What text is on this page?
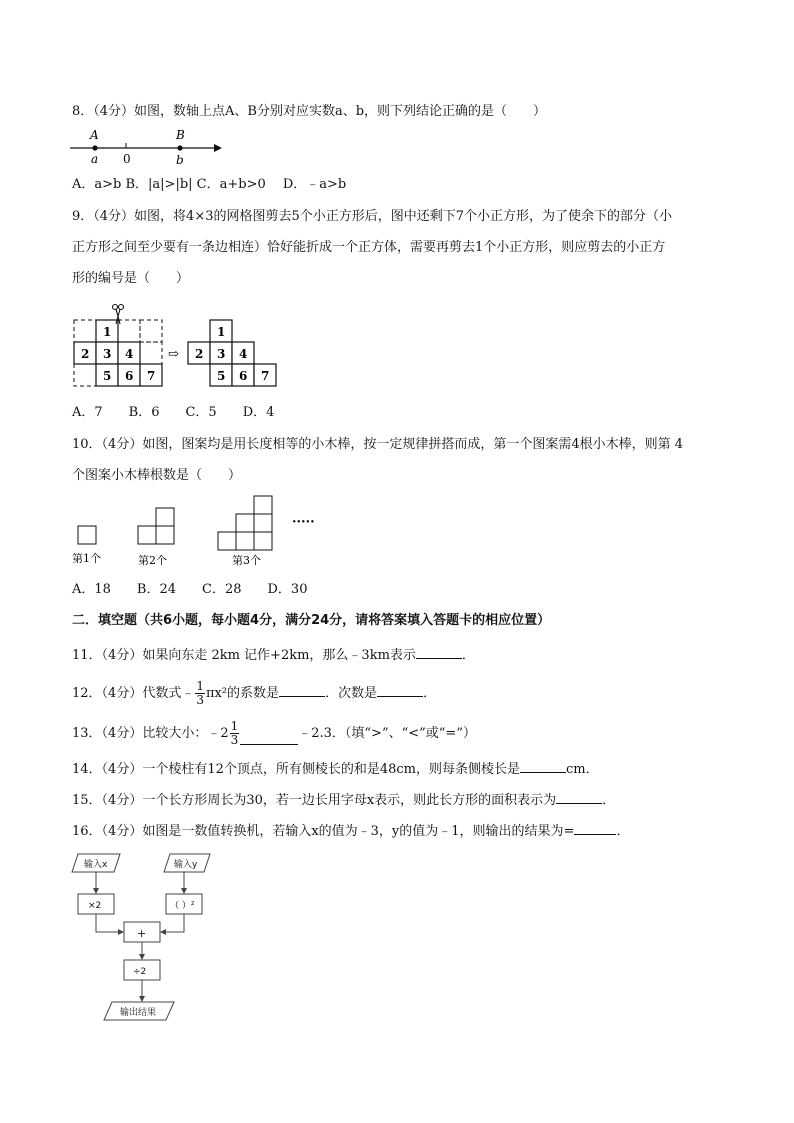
8．（4分）如图，数轴上点A、B分别对应实数a、b，则下列结论正确的是（　　）
A
a 0
B
b
A．a>b B．|a|>|b| C．a+b>0　 D．﹣a>b
9．（4分）如图，将4×3的网格图剪去5个小正方形后，图中还剩下7个小正方形，为了使余下的部分（小
正方形之间至少要有一条边相连）恰好能折成一个正方体，需要再剪去1个小正方形，则应剪去的小正方
形的编号是（　　）
1
2 3 4
5 6 7
⇨
1
2 3 4
5 6 7
A．7　　B．6　　C．5　　D．4
10．（4分）如图，图案均是用长度相等的小木棒，按一定规律拼搭而成，第一个图案需4根小木棒，则第 4
个图案小木棒根数是（　　）
·····
第1个	第2个	第3个
A．18　　B．24　　C．28　　D．30
二．填空题（共6小题，每小题4分，满分24分，请将答案填入答题卡的相应位置）
11．（4分）如果向东走 2km 记作+2km，那么﹣3km表示	．
12．（4分）代数式﹣ $\frac{1}{3} \pi x^2$的系数是	．次数是	．
13．（4分）比较大小：﹣2 $\frac{1}{3}$	﹣2.3．（填“>”、“<”或“=”）
14．（4分）一个棱柱有12个顶点，所有侧棱长的和是48cm，则每条侧棱长是	cm．
15．（4分）一个长方形周长为30，若一边长用字母x表示，则此长方形的面积表示为	．
16．（4分）如图是一数值转换机，若输入x的值为﹣3，y的值为﹣1，则输出的结果为=	．
输入x	输入y
×2	（ ）²
+
÷2
输出结果
